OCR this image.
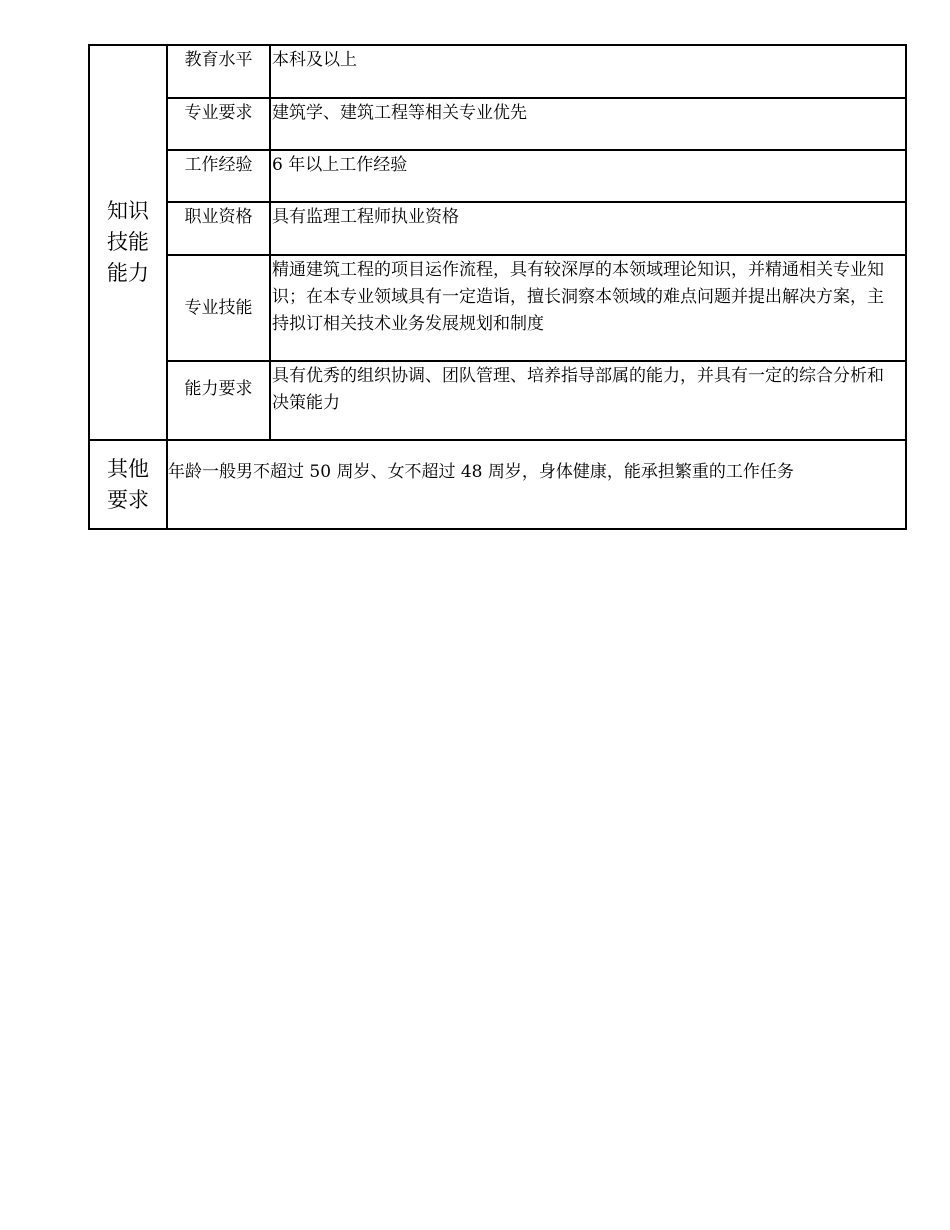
知识技能能力	教育水平	本科及以上
	专业要求	建筑学、建筑工程等相关专业优先
	工作经验	6 年以上工作经验
	职业资格	具有监理工程师执业资格
	专业技能	精通建筑工程的项目运作流程，具有较深厚的本领域理论知识，并精通相关专业知识；在本专业领域具有一定造诣，擅长洞察本领域的难点问题并提出解决方案，主持拟订相关技术业务发展规划和制度
	能力要求	具有优秀的组织协调、团队管理、培养指导部属的能力，并具有一定的综合分析和决策能力
其他要求	年龄一般男不超过 50 周岁、女不超过 48 周岁，身体健康，能承担繁重的工作任务	
